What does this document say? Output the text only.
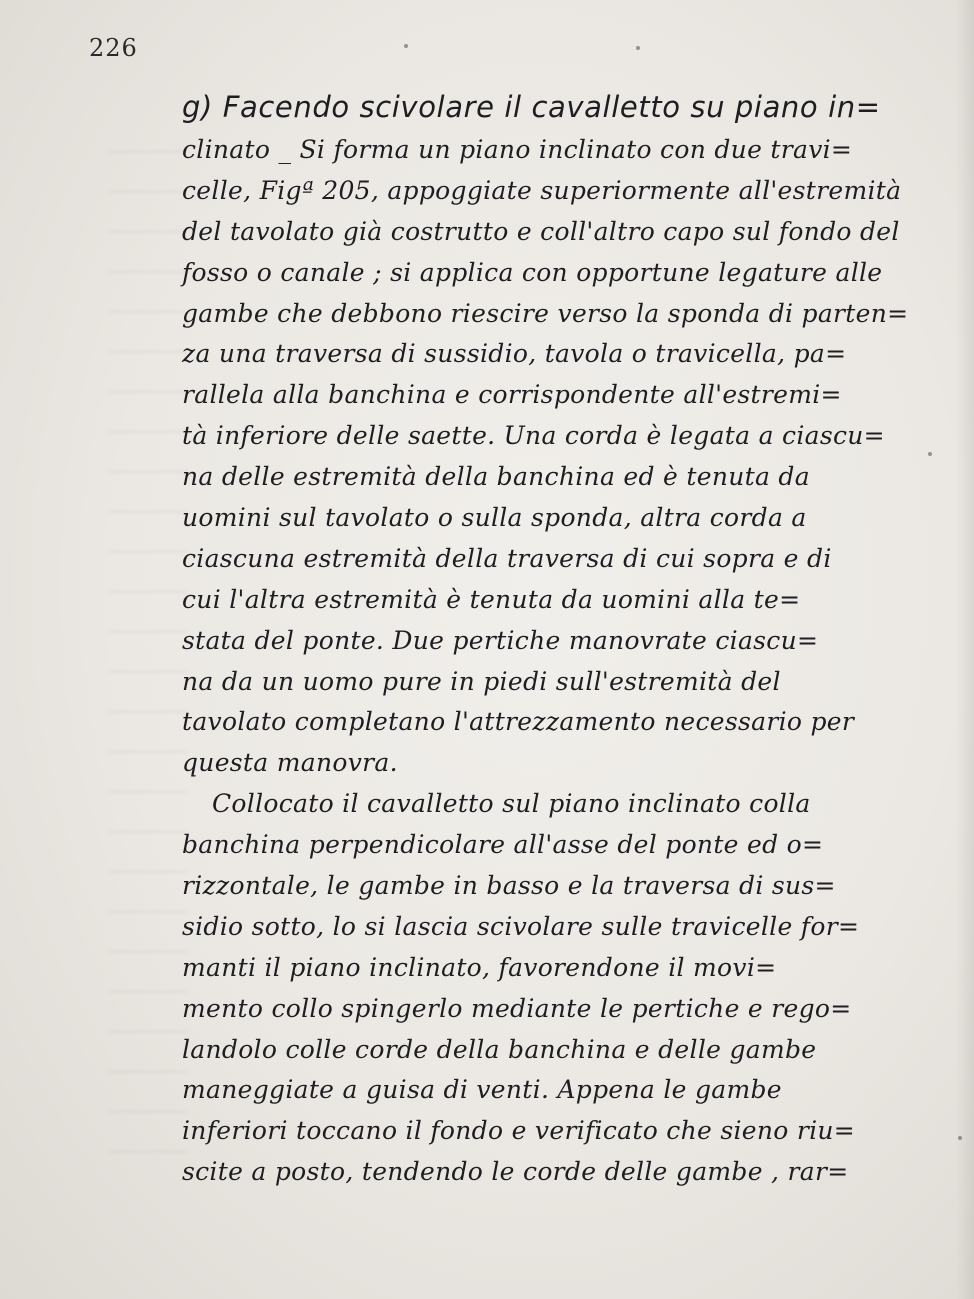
226
g) Facendo scivolare il cavalletto su piano in=
clinato _ Si forma un piano inclinato con due travi=
celle, Figª 205, appoggiate superiormente all'estremità
del tavolato già costrutto e coll'altro capo sul fondo del
fosso o canale ; si applica con opportune legature alle
gambe che debbono riescire verso la sponda di parten=
za una traversa di sussidio, tavola o travicella, pa=
rallela alla banchina e corrispondente all'estremi=
tà inferiore delle saette. Una corda è legata a ciascu=
na delle estremità della banchina ed è tenuta da
uomini sul tavolato o sulla sponda, altra corda a
ciascuna estremità della traversa di cui sopra e di
cui l'altra estremità è tenuta da uomini alla te=
stata del ponte. Due pertiche manovrate ciascu=
na da un uomo pure in piedi sull'estremità del
tavolato completano l'attrezzamento necessario per
questa manovra.
Collocato il cavalletto sul piano inclinato colla
banchina perpendicolare all'asse del ponte ed o=
rizzontale, le gambe in basso e la traversa di sus=
sidio sotto, lo si lascia scivolare sulle travicelle for=
manti il piano inclinato, favorendone il movi=
mento collo spingerlo mediante le pertiche e rego=
landolo colle corde della banchina e delle gambe
maneggiate a guisa di venti. Appena le gambe
inferiori toccano il fondo e verificato che sieno riu=
scite a posto, tendendo le corde delle gambe , rar=
